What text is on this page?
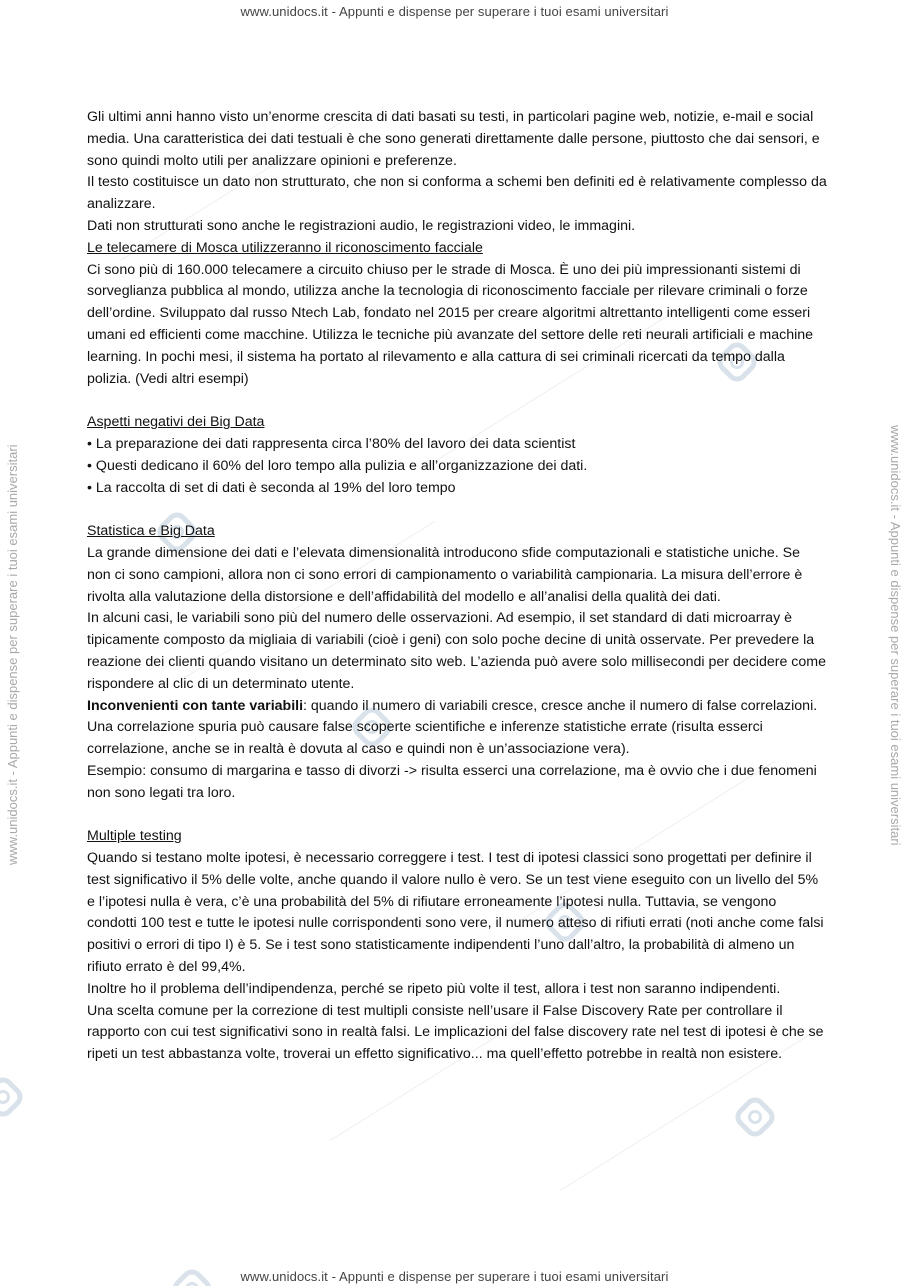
www.unidocs.it - Appunti e dispense per superare i tuoi esami universitari
www.unidocs.it - Appunti e dispense per superare i tuoi esami universitari
www.unidocs.it - Appunti e dispense per superare i tuoi esami universitari	www.unidocs.it - Appunti e dispense per superare i tuoi esami universitari

Gli ultimi anni hanno visto un’enorme crescita di dati basati su testi, in particolari pagine web, notizie, e-mail e social media. Una caratteristica dei dati testuali è che sono generati direttamente dalle persone, piuttosto che dai sensori, e sono quindi molto utili per analizzare opinioni e preferenze.

Il testo costituisce un dato non strutturato, che non si conforma a schemi ben definiti ed è relativamente complesso da analizzare.

Dati non strutturati sono anche le registrazioni audio, le registrazioni video, le immagini.

Le telecamere di Mosca utilizzeranno il riconoscimento facciale

Ci sono più di 160.000 telecamere a circuito chiuso per le strade di Mosca. È uno dei più impressionanti sistemi di sorveglianza pubblica al mondo, utilizza anche la tecnologia di riconoscimento facciale per rilevare criminali o forze dell’ordine. Sviluppato dal russo Ntech Lab, fondato nel 2015 per creare algoritmi altrettanto intelligenti come esseri umani ed efficienti come macchine. Utilizza le tecniche più avanzate del settore delle reti neurali artificiali e machine learning. In pochi mesi, il sistema ha portato al rilevamento e alla cattura di sei criminali ricercati da tempo dalla polizia. (Vedi altri esempi)

Aspetti negativi dei Big Data

• La preparazione dei dati rappresenta circa l’80% del lavoro dei data scientist
• Questi dedicano il 60% del loro tempo alla pulizia e all’organizzazione dei dati.
• La raccolta di set di dati è seconda al 19% del loro tempo

Statistica e Big Data

La grande dimensione dei dati e l’elevata dimensionalità introducono sfide computazionali e statistiche uniche. Se non ci sono campioni, allora non ci sono errori di campionamento o variabilità campionaria. La misura dell’errore è rivolta alla valutazione della distorsione e dell’affidabilità del modello e all’analisi della qualità dei dati.

In alcuni casi, le variabili sono più del numero delle osservazioni. Ad esempio, il set standard di dati microarray è tipicamente composto da migliaia di variabili (cioè i geni) con solo poche decine di unità osservate. Per prevedere la reazione dei clienti quando visitano un determinato sito web. L’azienda può avere solo millisecondi per decidere come rispondere al clic di un determinato utente.

Inconvenienti con tante variabili: quando il numero di variabili cresce, cresce anche il numero di false correlazioni. Una correlazione spuria può causare false scoperte scientifiche e inferenze statistiche errate (risulta esserci correlazione, anche se in realtà è dovuta al caso e quindi non è un’associazione vera).

Esempio: consumo di margarina e tasso di divorzi -> risulta esserci una correlazione, ma è ovvio che i due fenomeni non sono legati tra loro.

Multiple testing

Quando si testano molte ipotesi, è necessario correggere i test. I test di ipotesi classici sono progettati per definire il test significativo il 5% delle volte, anche quando il valore nullo è vero. Se un test viene eseguito con un livello del 5% e l’ipotesi nulla è vera, c’è una probabilità del 5% di rifiutare erroneamente l’ipotesi nulla. Tuttavia, se vengono condotti 100 test e tutte le ipotesi nulle corrispondenti sono vere, il numero atteso di rifiuti errati (noti anche come falsi positivi o errori di tipo I) è 5. Se i test sono statisticamente indipendenti l’uno dall’altro, la probabilità di almeno un rifiuto errato è del 99,4%.

Inoltre ho il problema dell’indipendenza, perché se ripeto più volte il test, allora i test non saranno indipendenti.

Una scelta comune per la correzione di test multipli consiste nell’usare il False Discovery Rate per controllare il rapporto con cui test significativi sono in realtà falsi. Le implicazioni del false discovery rate nel test di ipotesi è che se ripeti un test abbastanza volte, troverai un effetto significativo... ma quell’effetto potrebbe in realtà non esistere.
